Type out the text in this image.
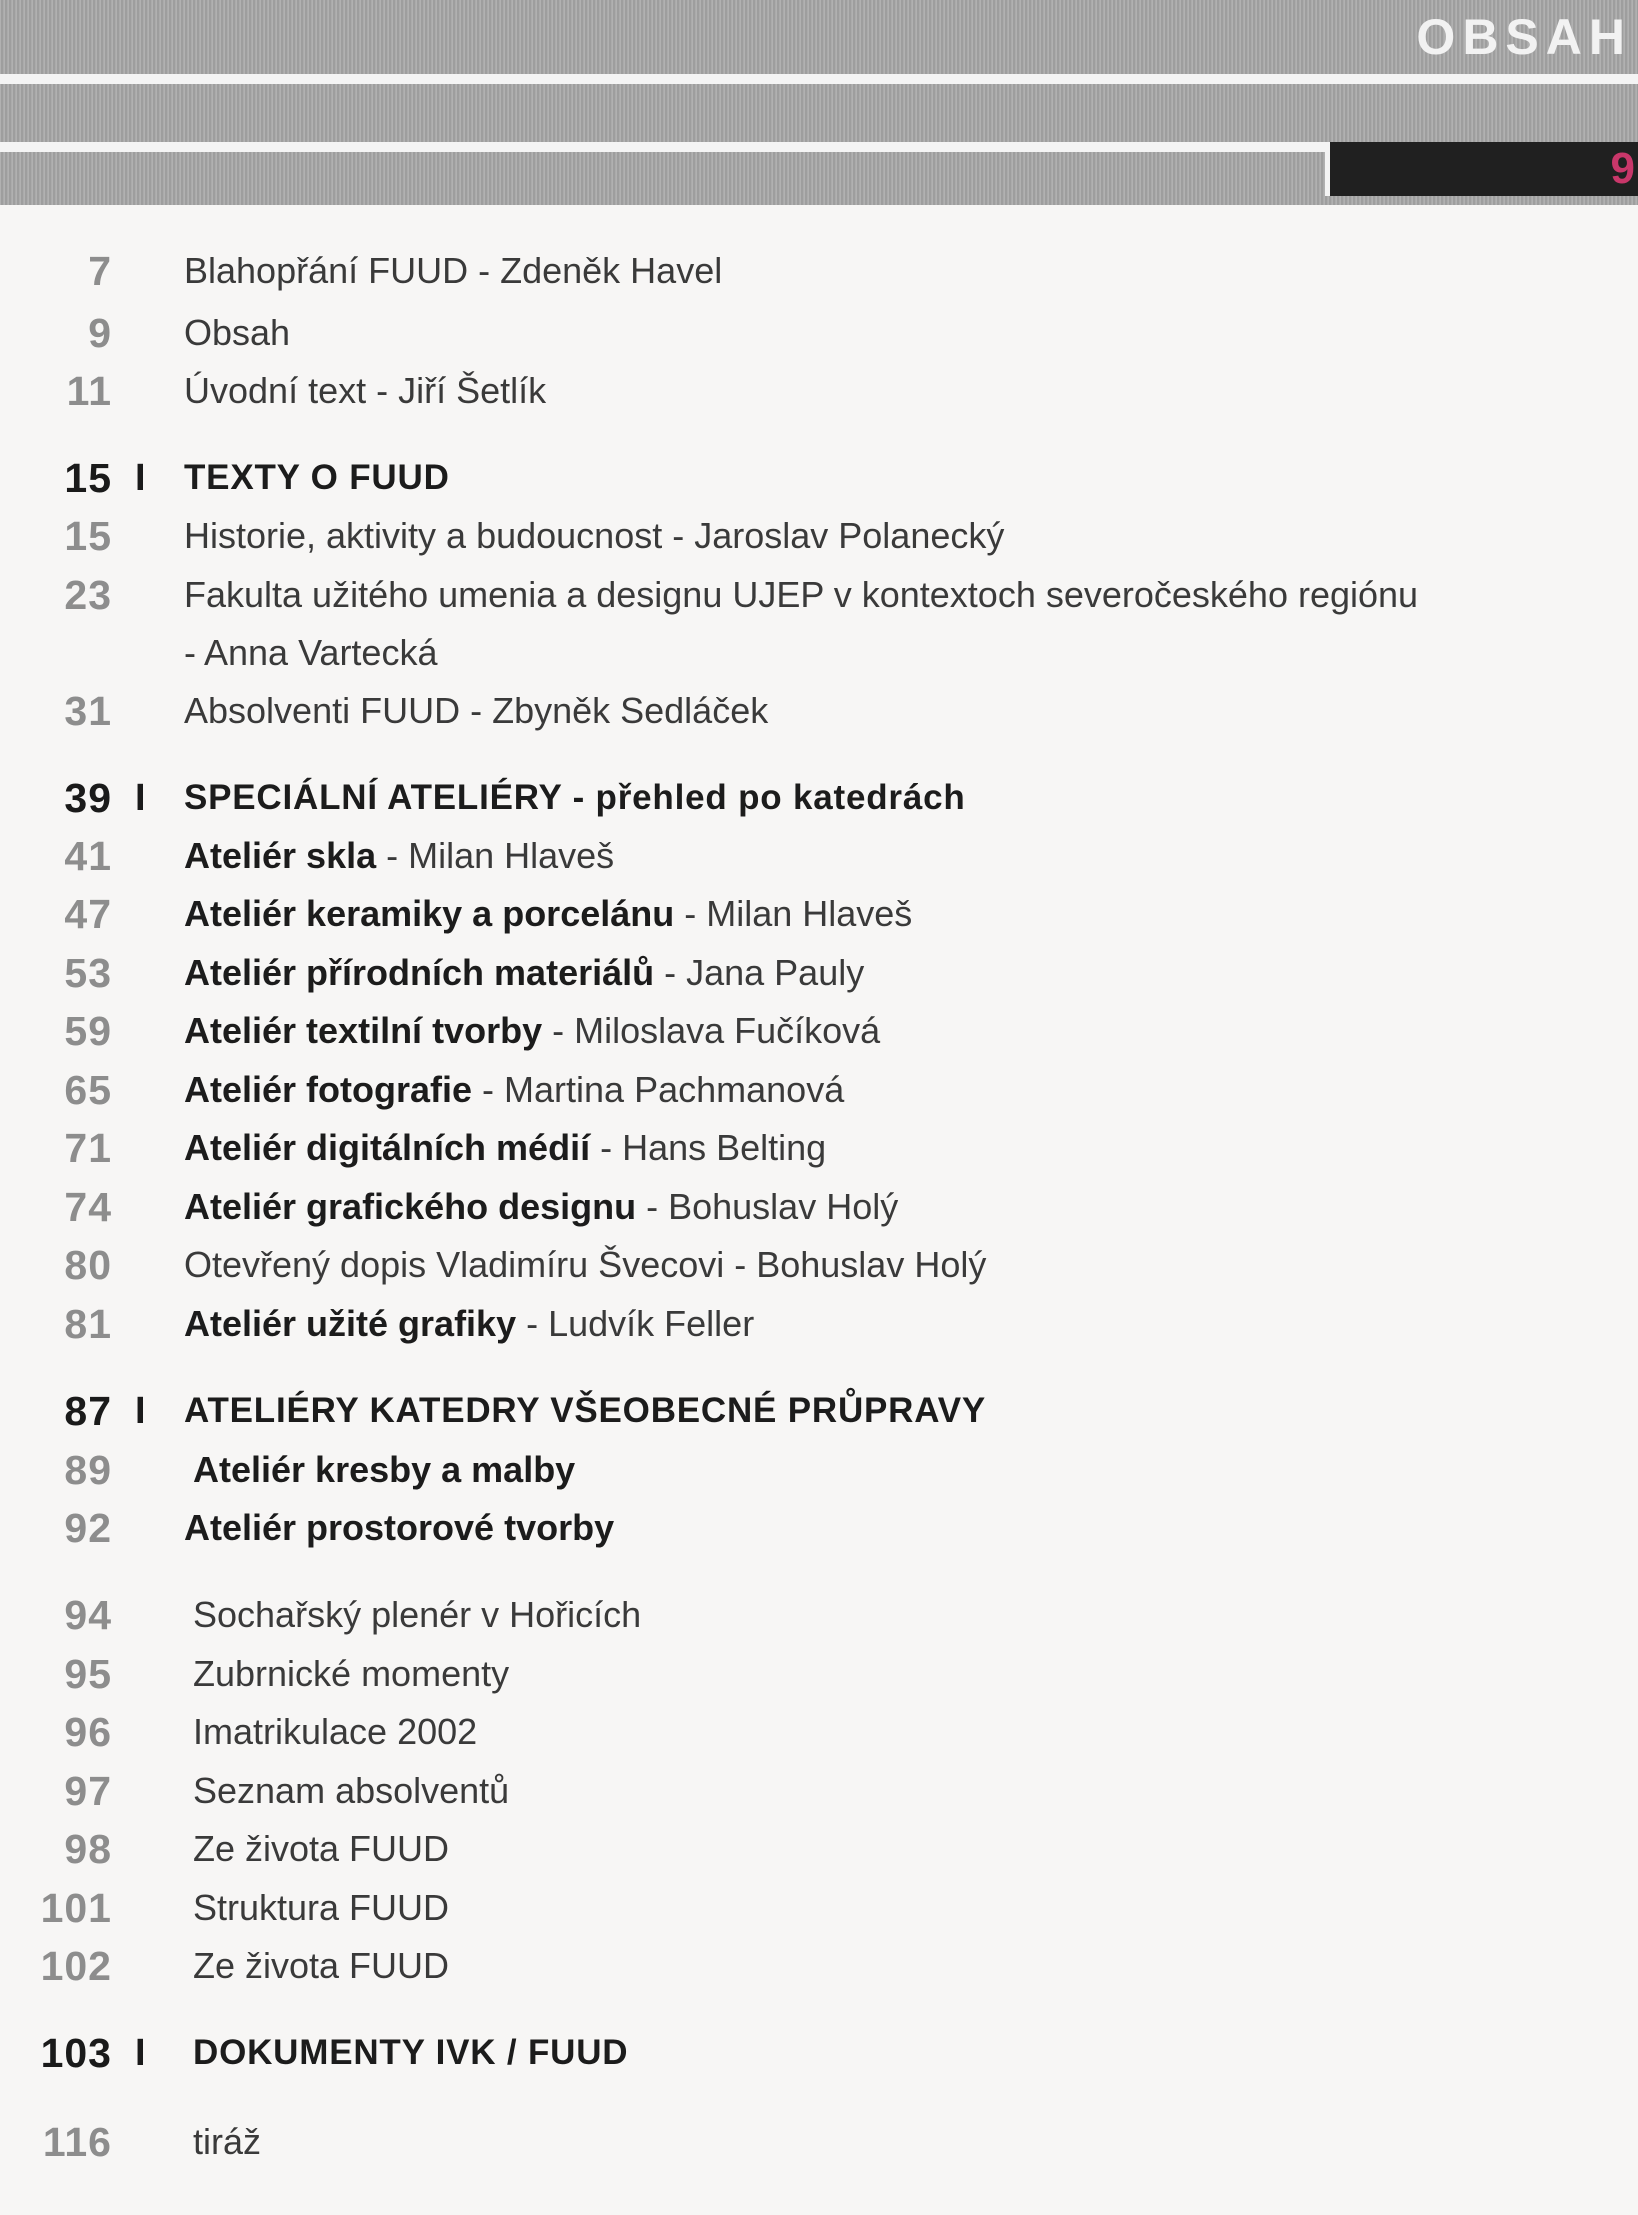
OBSAH
9
7 Blahopřání FUUD - Zdeněk Havel
9 Obsah
11 Úvodní text - Jiří Šetlík
15 I TEXTY O FUUD
15 Historie, aktivity a budoucnost - Jaroslav Polanecký
23 Fakulta užitého umenia a designu UJEP v kontextoch severočeského regiónu
- Anna Vartecká
31 Absolventi FUUD - Zbyněk Sedláček
39 I SPECIÁLNÍ ATELIÉRY - přehled po katedrách
41 Ateliér skla - Milan Hlaveš
47 Ateliér keramiky a porcelánu - Milan Hlaveš
53 Ateliér přírodních materiálů - Jana Pauly
59 Ateliér textilní tvorby - Miloslava Fučíková
65 Ateliér fotografie - Martina Pachmanová
71 Ateliér digitálních médií - Hans Belting
74 Ateliér grafického designu - Bohuslav Holý
80 Otevřený dopis Vladimíru Švecovi - Bohuslav Holý
81 Ateliér užité grafiky - Ludvík Feller
87 I ATELIÉRY KATEDRY VŠEOBECNÉ PRŮPRAVY
89 Ateliér kresby a malby
92 Ateliér prostorové tvorby
94 Sochařský plenér v Hořicích
95 Zubrnické momenty
96 Imatrikulace 2002
97 Seznam absolventů
98 Ze života FUUD
101 Struktura FUUD
102 Ze života FUUD
103 I DOKUMENTY IVK / FUUD
116 tiráž
